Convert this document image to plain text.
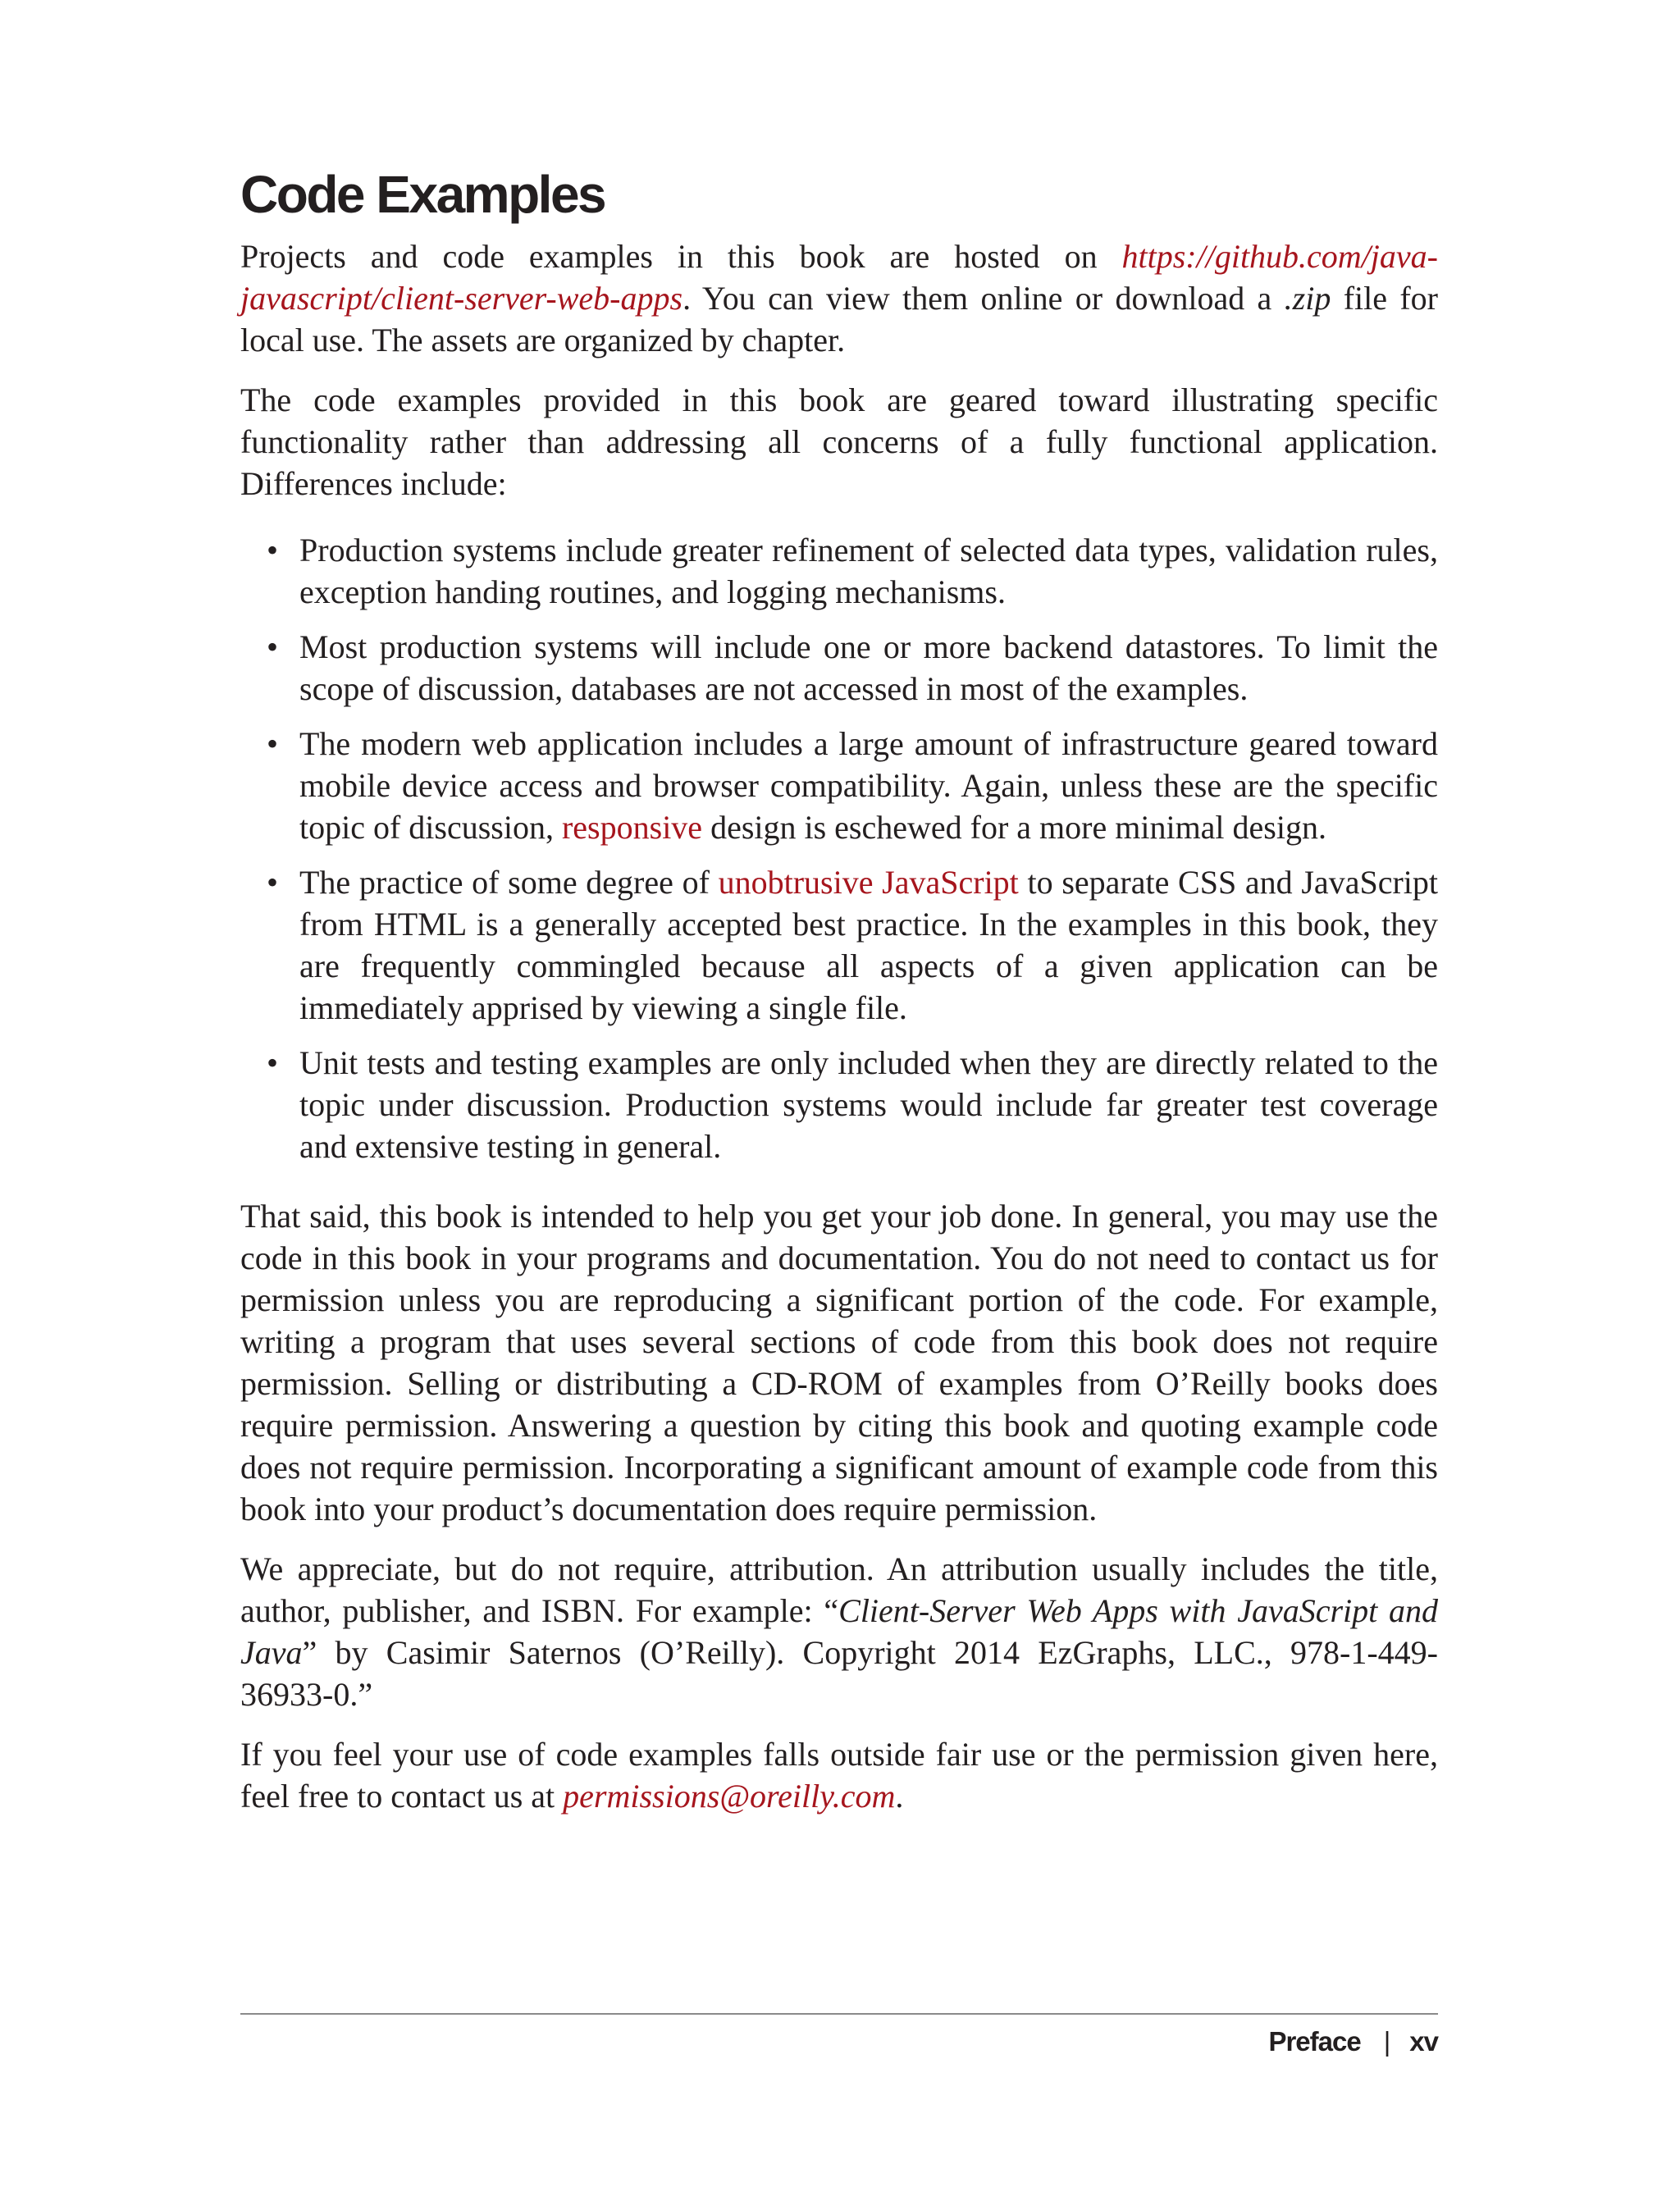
Code Examples

Projects and code examples in this book are hosted on https://github.com/java-javascript/client-server-web-apps. You can view them online or download a .zip file for local use. The assets are organized by chapter.

The code examples provided in this book are geared toward illustrating specific functionality rather than addressing all concerns of a fully functional application. Differences include:

• Production systems include greater refinement of selected data types, validation rules, exception handing routines, and logging mechanisms.
• Most production systems will include one or more backend datastores. To limit the scope of discussion, databases are not accessed in most of the examples.
• The modern web application includes a large amount of infrastructure geared toward mobile device access and browser compatibility. Again, unless these are the specific topic of discussion, responsive design is eschewed for a more minimal design.
• The practice of some degree of unobtrusive JavaScript to separate CSS and JavaScript from HTML is a generally accepted best practice. In the examples in this book, they are frequently commingled because all aspects of a given application can be immediately apprised by viewing a single file.
• Unit tests and testing examples are only included when they are directly related to the topic under discussion. Production systems would include far greater test coverage and extensive testing in general.

That said, this book is intended to help you get your job done. In general, you may use the code in this book in your programs and documentation. You do not need to contact us for permission unless you are reproducing a significant portion of the code. For example, writing a program that uses several sections of code from this book does not require permission. Selling or distributing a CD-ROM of examples from O’Reilly books does require permission. Answering a question by citing this book and quoting example code does not require permission. Incorporating a significant amount of example code from this book into your product’s documentation does require permission.

We appreciate, but do not require, attribution. An attribution usually includes the title, author, publisher, and ISBN. For example: “Client-Server Web Apps with JavaScript and Java” by Casimir Saternos (O’Reilly). Copyright 2014 EzGraphs, LLC., 978-1-449-36933-0.”

If you feel your use of code examples falls outside fair use or the permission given here, feel free to contact us at permissions@oreilly.com.

Preface | xv
